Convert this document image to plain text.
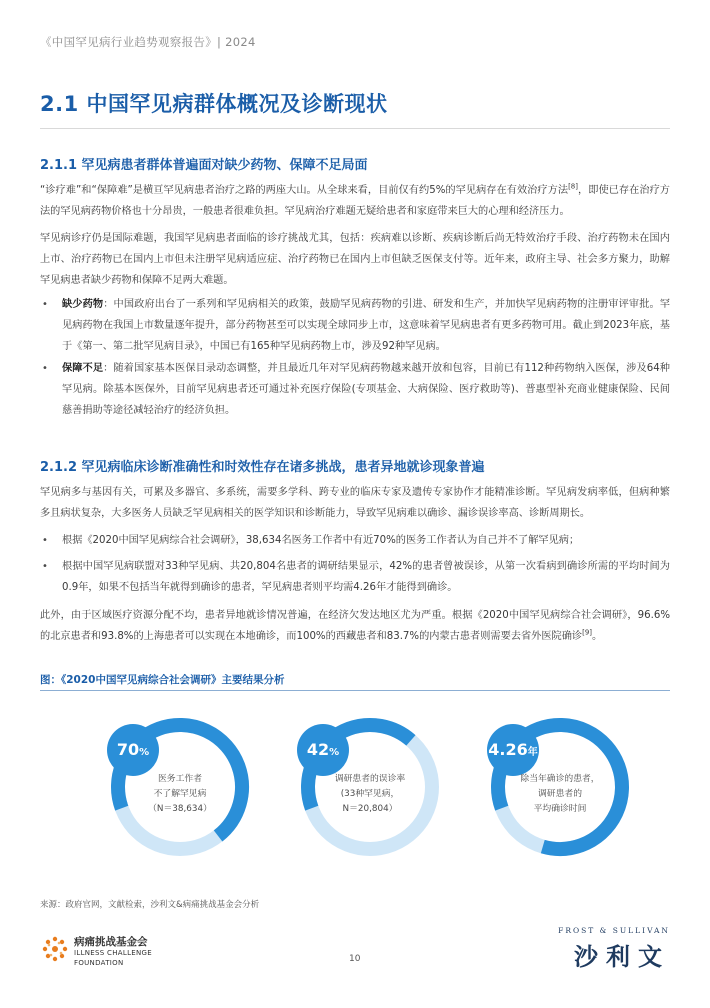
《中国罕见病行业趋势观察报告》| 2024
2.1 中国罕见病群体概况及诊断现状
2.1.1 罕见病患者群体普遍面对缺少药物、保障不足局面
“诊疗难”和“保障难”是横亘罕见病患者治疗之路的两座大山。从全球来看，目前仅有约5%的罕见病存在有效治疗方法[8]，即使已存在治疗方法的罕见病药物价格也十分昂贵，一般患者很难负担。罕见病治疗难题无疑给患者和家庭带来巨大的心理和经济压力。
罕见病诊疗仍是国际难题，我国罕见病患者面临的诊疗挑战尤其，包括：疾病难以诊断、疾病诊断后尚无特效治疗手段、治疗药物未在国内上市、治疗药物已在国内上市但未注册罕见病适应症、治疗药物已在国内上市但缺乏医保支付等。近年来，政府主导、社会多方聚力，助解罕见病患者缺少药物和保障不足两大难题。
• 缺少药物：中国政府出台了一系列和罕见病相关的政策，鼓励罕见病药物的引进、研发和生产，并加快罕见病药物的注册审评审批。罕见病药物在我国上市数量逐年提升，部分药物甚至可以实现全球同步上市，这意味着罕见病患者有更多药物可用。截止到2023年底，基于《第一、第二批罕见病目录》，中国已有165种罕见病药物上市，涉及92种罕见病。
• 保障不足：随着国家基本医保目录动态调整，并且最近几年对罕见病药物越来越开放和包容，目前已有112种药物纳入医保，涉及64种罕见病。除基本医保外，目前罕见病患者还可通过补充医疗保险(专项基金、大病保险、医疗救助等)、普惠型补充商业健康保险、民间慈善捐助等途径减轻治疗的经济负担。
2.1.2 罕见病临床诊断准确性和时效性存在诸多挑战，患者异地就诊现象普遍
罕见病多与基因有关，可累及多器官、多系统，需要多学科、跨专业的临床专家及遗传专家协作才能精准诊断。罕见病发病率低，但病种繁多且病状复杂，大多医务人员缺乏罕见病相关的医学知识和诊断能力，导致罕见病难以确诊、漏诊误诊率高、诊断周期长。
• 根据《2020中国罕见病综合社会调研》，38,634名医务工作者中有近70%的医务工作者认为自己并不了解罕见病；
• 根据中国罕见病联盟对33种罕见病、共20,804名患者的调研结果显示，42%的患者曾被误诊，从第一次看病到确诊所需的平均时间为0.9年，如果不包括当年就得到确诊的患者，罕见病患者则平均需4.26年才能得到确诊。
此外，由于区域医疗资源分配不均，患者异地就诊情况普遍，在经济欠发达地区尤为严重。根据《2020中国罕见病综合社会调研》，96.6%的北京患者和93.8%的上海患者可以实现在本地确诊，而100%的西藏患者和83.7%的内蒙古患者则需要去省外医院确诊[9]。
图：《2020中国罕见病综合社会调研》主要结果分析
70%
医务工作者
不了解罕见病
（N＝38,634）
42%
调研患者的误诊率
(33种罕见病，
N＝20,804）
4.26年
除当年确诊的患者，
调研患者的
平均确诊时间
来源：政府官网，文献检索，沙利文&病痛挑战基金会分析
病痛挑战基金会
ILLNESS CHALLENGE
FOUNDATION	10
FROST & SULLIVAN
沙利文
